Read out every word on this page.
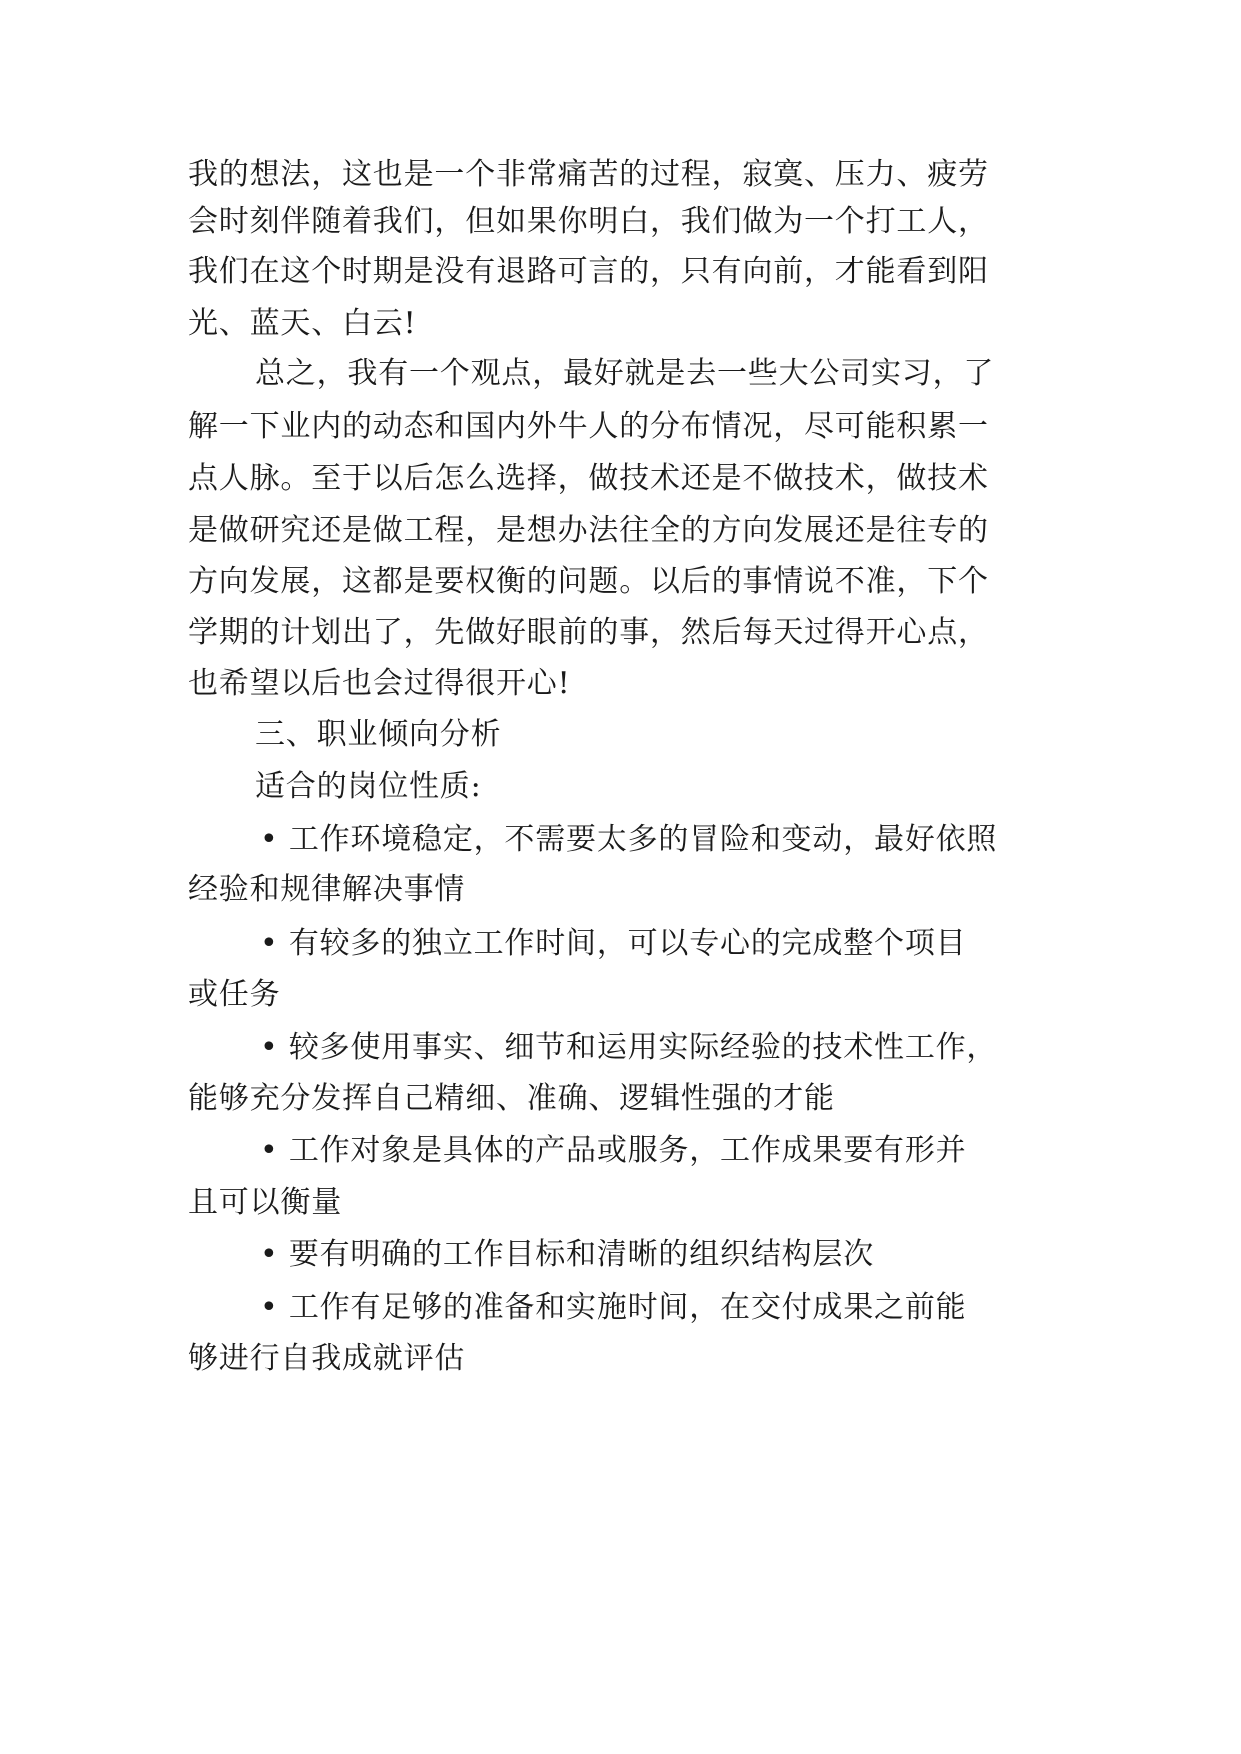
我的想法，这也是一个非常痛苦的过程，寂寞、压力、疲劳
会时刻伴随着我们，但如果你明白，我们做为一个打工人，
我们在这个时期是没有退路可言的，只有向前，才能看到阳
光、蓝天、白云!
总之，我有一个观点，最好就是去一些大公司实习，了
解一下业内的动态和国内外牛人的分布情况，尽可能积累一
点人脉。至于以后怎么选择，做技术还是不做技术，做技术
是做研究还是做工程，是想办法往全的方向发展还是往专的
方向发展，这都是要权衡的问题。以后的事情说不准，下个
学期的计划出了，先做好眼前的事，然后每天过得开心点，
也希望以后也会过得很开心!
三、职业倾向分析
适合的岗位性质:
• 工作环境稳定，不需要太多的冒险和变动，最好依照
经验和规律解决事情
• 有较多的独立工作时间，可以专心的完成整个项目
或任务
• 较多使用事实、细节和运用实际经验的技术性工作，
能够充分发挥自己精细、准确、逻辑性强的才能
• 工作对象是具体的产品或服务，工作成果要有形并
且可以衡量
• 要有明确的工作目标和清晰的组织结构层次
• 工作有足够的准备和实施时间，在交付成果之前能
够进行自我成就评估
